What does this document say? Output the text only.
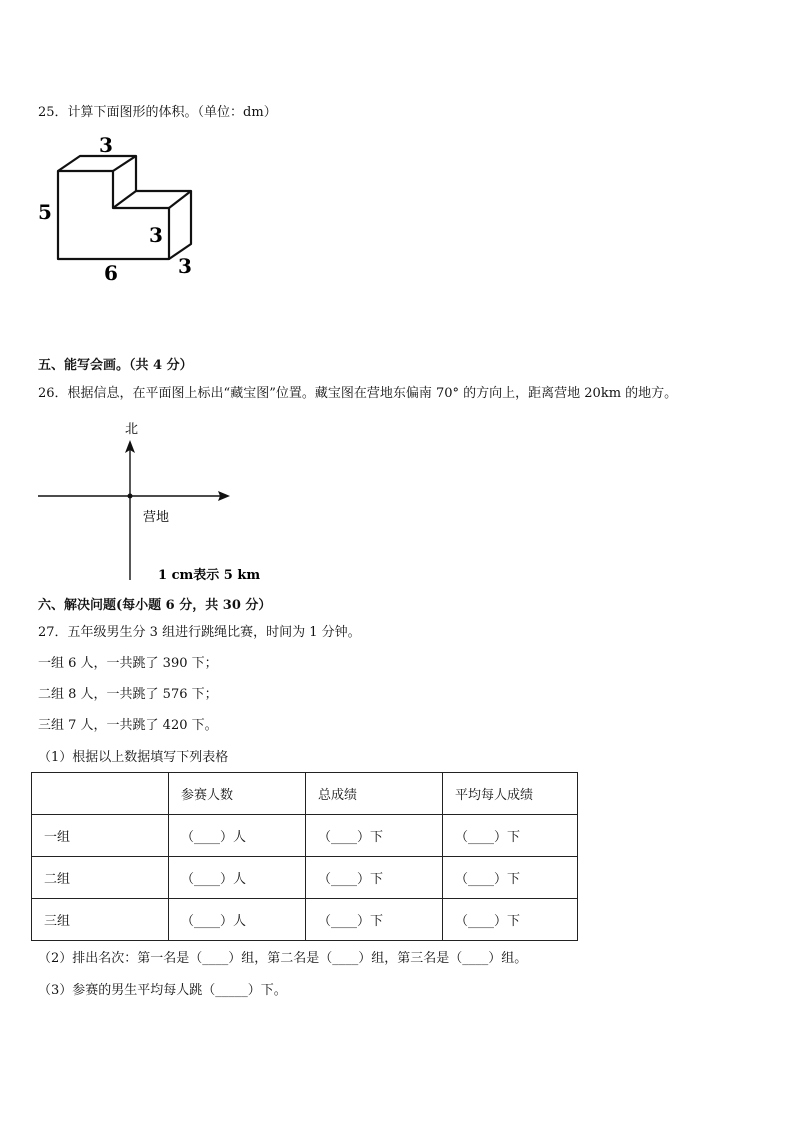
25．计算下面图形的体积。（单位：dm）
3
5
3
3
6
五、能写会画。（共 4 分）
26．根据信息，在平面图上标出“藏宝图”位置。藏宝图在营地东偏南 70° 的方向上，距离营地 20km 的地方。
北
营地
1 cm表示 5 km
六、解决问题(每小题 6 分，共 30 分）
27．五年级男生分 3 组进行跳绳比赛，时间为 1 分钟。
一组 6 人，一共跳了 390 下；
二组 8 人，一共跳了 576 下；
三组 7 人，一共跳了 420 下。
（1）根据以上数据填写下列表格
	参赛人数	总成绩	平均每人成绩
一组	（____）人	（____）下	（____）下
二组	（____）人	（____）下	（____）下
三组	（____）人	（____）下	（____）下
（2）排出名次：第一名是（____）组，第二名是（____）组，第三名是（____）组。
（3）参赛的男生平均每人跳（_____）下。
